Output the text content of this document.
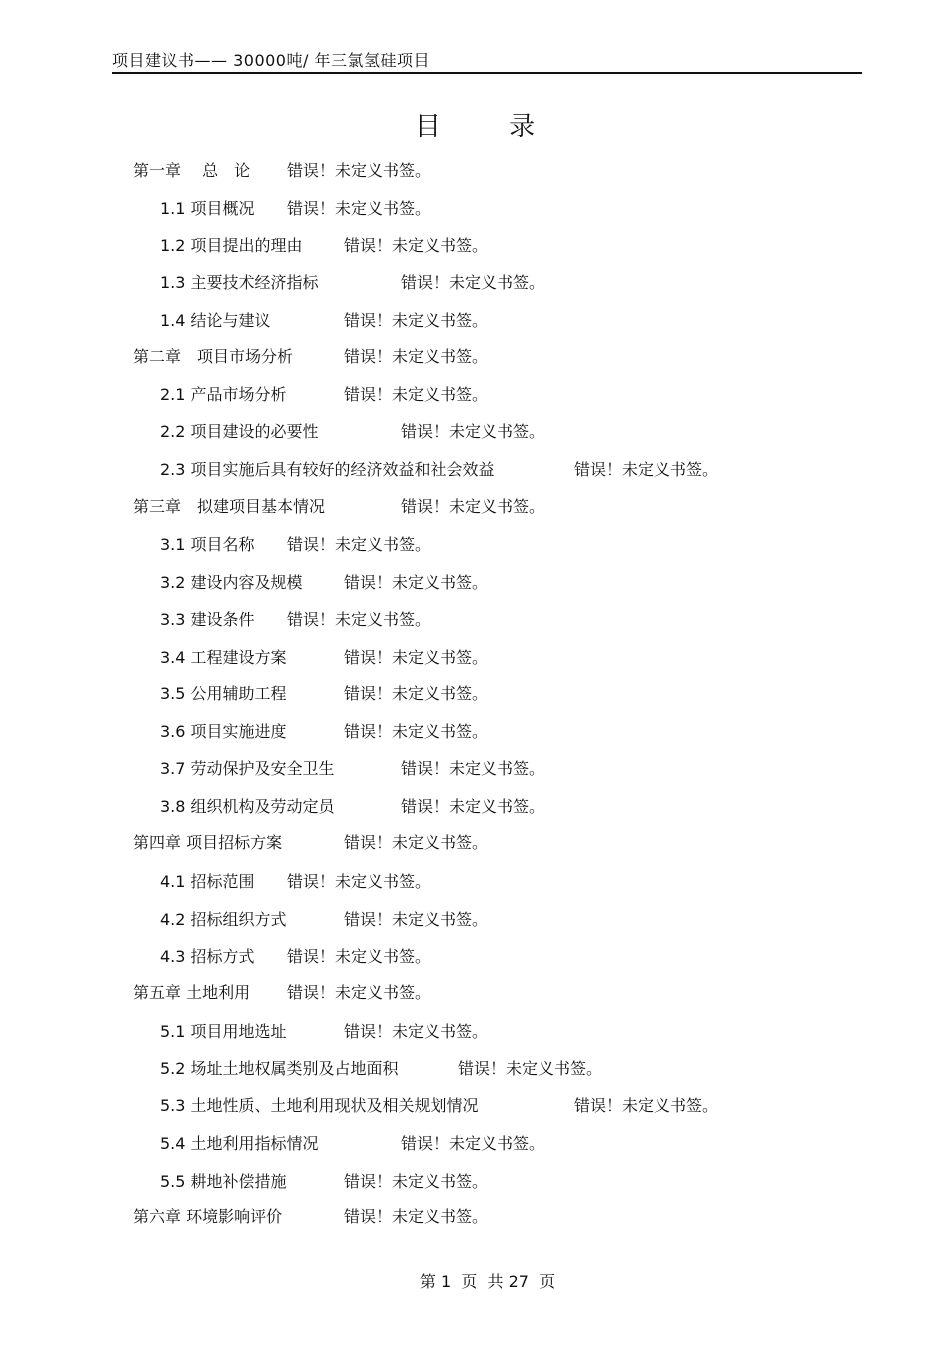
项目建议书—— 30000吨/ 年三氯氢硅项目
目 录
第一章　 总　论 错误！未定义书签。
1.1 项目概况 错误！未定义书签。
1.2 项目提出的理由	错误！未定义书签。
1.3 主要技术经济指标	错误！未定义书签。
1.4 结论与建议	错误！未定义书签。
第二章　项目市场分析	错误！未定义书签。
2.1 产品市场分析	错误！未定义书签。
2.2 项目建设的必要性	错误！未定义书签。
2.3 项目实施后具有较好的经济效益和社会效益	错误！未定义书签。
第三章　拟建项目基本情况	错误！未定义书签。
3.1 项目名称 错误！未定义书签。
3.2 建设内容及规模	错误！未定义书签。
3.3 建设条件 错误！未定义书签。
3.4 工程建设方案	错误！未定义书签。
3.5 公用辅助工程	错误！未定义书签。
3.6 项目实施进度	错误！未定义书签。
3.7 劳动保护及安全卫生	错误！未定义书签。
3.8 组织机构及劳动定员	错误！未定义书签。
第四章 项目招标方案	错误！未定义书签。
4.1 招标范围 错误！未定义书签。
4.2 招标组织方式	错误！未定义书签。
4.3 招标方式 错误！未定义书签。
第五章 土地利用 错误！未定义书签。
5.1 项目用地选址	错误！未定义书签。
5.2 场址土地权属类别及占地面积	错误！未定义书签。
5.3 土地性质、土地利用现状及相关规划情况	错误！未定义书签。
5.4 土地利用指标情况	错误！未定义书签。
5.5 耕地补偿措施	错误！未定义书签。
第六章 环境影响评价	错误！未定义书签。
第 1  页  共 27  页
